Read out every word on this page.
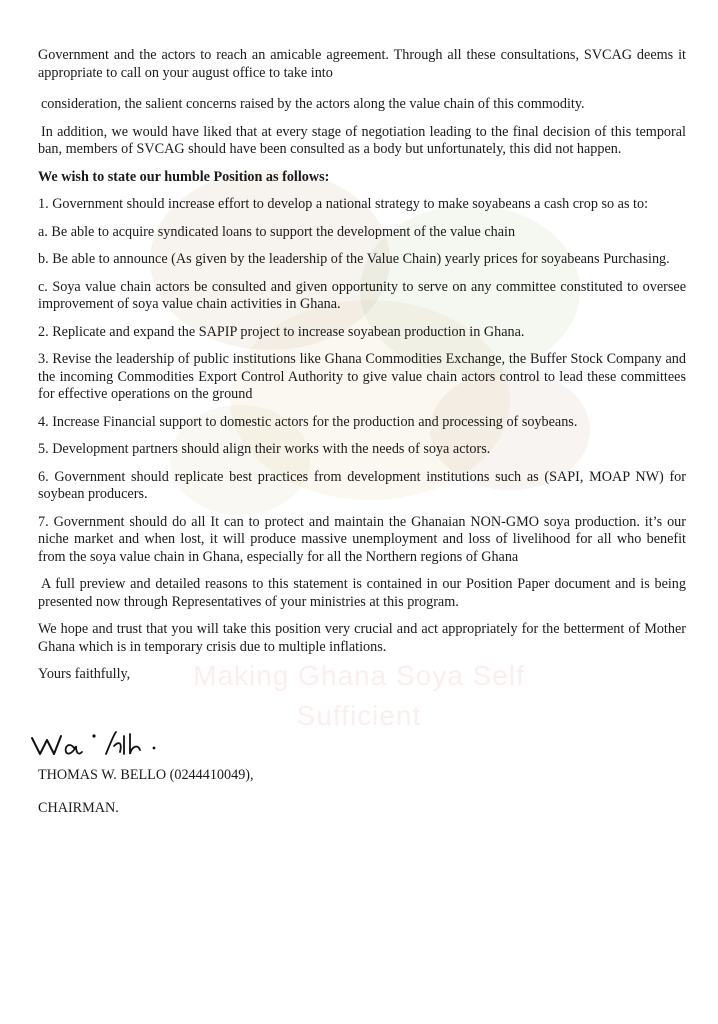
Making Ghana Soya Self
Sufficient

Government and the actors to reach an amicable agreement. Through all these consultations, SVCAG deems it appropriate to call on your august office to take into

consideration, the salient concerns raised by the actors along the value chain of this commodity.

In addition, we would have liked that at every stage of negotiation leading to the final decision of this temporal ban, members of SVCAG should have been consulted as a body but unfortunately, this did not happen.

We wish to state our humble Position as follows:

1. Government should increase effort to develop a national strategy to make soyabeans a cash crop so as to:

a. Be able to acquire syndicated loans to support the development of the value chain

b. Be able to announce (As given by the leadership of the Value Chain) yearly prices for soyabeans Purchasing.

c. Soya value chain actors be consulted and given opportunity to serve on any committee constituted to oversee improvement of soya value chain activities in Ghana.

2. Replicate and expand the SAPIP project to increase soyabean production in Ghana.

3. Revise the leadership of public institutions like Ghana Commodities Exchange, the Buffer Stock Company and the incoming Commodities Export Control Authority to give value chain actors control to lead these committees for effective operations on the ground

4. Increase Financial support to domestic actors for the production and processing of soybeans.

5. Development partners should align their works with the needs of soya actors.

6. Government should replicate best practices from development institutions such as (SAPI, MOAP NW) for soybean producers.

7. Government should do all It can to protect and maintain the Ghanaian NON-GMO soya production. it’s our niche market and when lost, it will produce massive unemployment and loss of livelihood for all who benefit from the soya value chain in Ghana, especially for all the Northern regions of Ghana

A full preview and detailed reasons to this statement is contained in our Position Paper document and is being presented now through Representatives of your ministries at this program.

We hope and trust that you will take this position very crucial and act appropriately for the betterment of Mother Ghana which is in temporary crisis due to multiple inflations.

Yours faithfully,

THOMAS W. BELLO (0244410049),
CHAIRMAN.
